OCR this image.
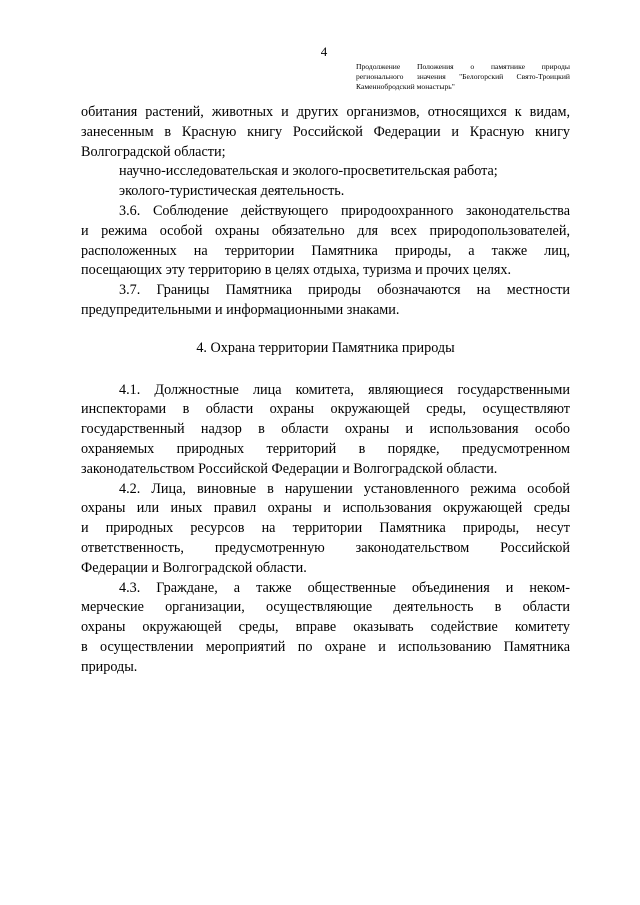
4
Продолжение Положения о памятнике природы
регионального значения "Белогорский Свято-Троицкий
Каменнобродский монастырь"

обитания растений, животных и других организмов, относящихся к видам,
занесенным в Красную книгу Российской Федерации и Красную книгу
Волгоградской области;

научно-исследовательская и эколого-просветительская работа;

эколого-туристическая деятельность.

3.6. Соблюдение действующего природоохранного законодательства
и режима особой охраны обязательно для всех природопользователей,
расположенных на территории Памятника природы, а также лиц,
посещающих эту территорию в целях отдыха, туризма и прочих целях.

3.7. Границы Памятника природы обозначаются на местности
предупредительными и информационными знаками.

4. Охрана территории Памятника природы

4.1. Должностные лица комитета, являющиеся государственными
инспекторами в области охраны окружающей среды, осуществляют
государственный надзор в области охраны и использования особо
охраняемых природных территорий в порядке, предусмотренном
законодательством Российской Федерации и Волгоградской области.

4.2. Лица, виновные в нарушении установленного режима особой
охраны или иных правил охраны и использования окружающей среды
и природных ресурсов на территории Памятника природы, несут
ответственность, предусмотренную законодательством Российской
Федерации и Волгоградской области.

4.3. Граждане, а также общественные объединения и неком-
мерческие организации, осуществляющие деятельность в области
охраны окружающей среды, вправе оказывать содействие комитету
в осуществлении мероприятий по охране и использованию Памятника
природы.
